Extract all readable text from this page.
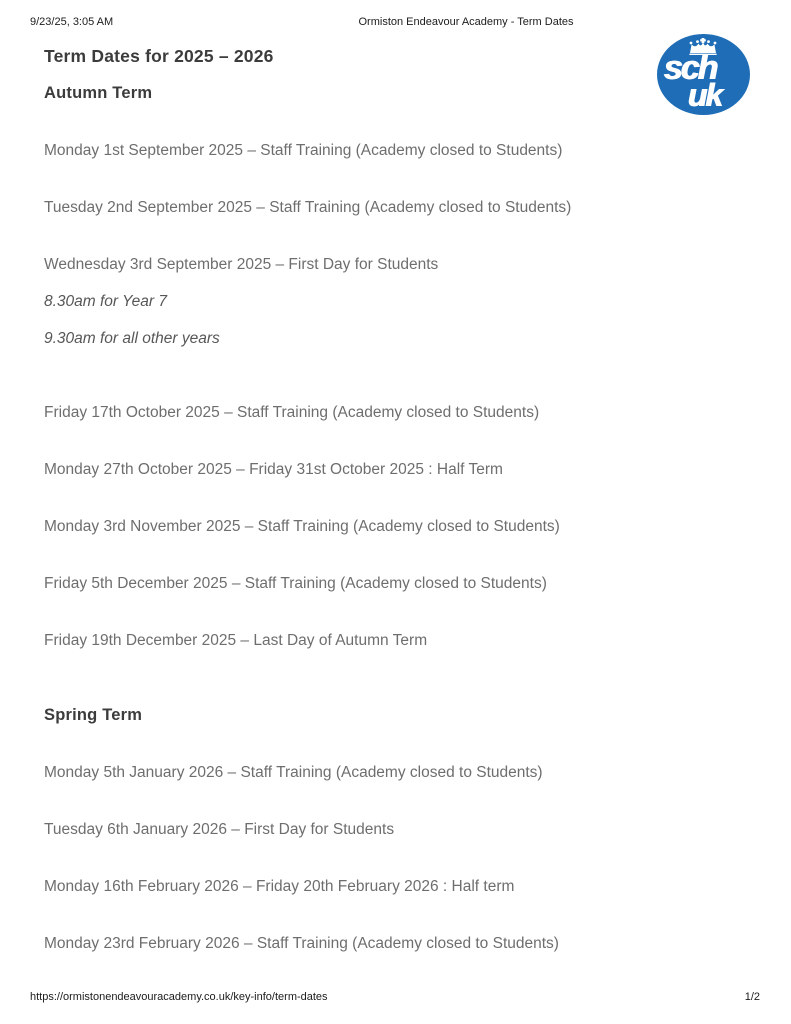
9/23/25, 3:05 AM	Ormiston Endeavour Academy - Term Dates
sch
uk
Term Dates for 2025 – 2026
Autumn Term

Monday 1st September 2025 – Staff Training (Academy closed to Students)

Tuesday 2nd September 2025 – Staff Training (Academy closed to Students)

Wednesday 3rd September 2025 – First Day for Students

8.30am for Year 7

9.30am for all other years

Friday 17th October 2025 – Staff Training (Academy closed to Students)

Monday 27th October 2025 – Friday 31st October 2025 : Half Term

Monday 3rd November 2025 – Staff Training (Academy closed to Students)

Friday 5th December 2025 – Staff Training (Academy closed to Students)

Friday 19th December 2025 – Last Day of Autumn Term

Spring Term

Monday 5th January 2026 – Staff Training (Academy closed to Students)

Tuesday 6th January 2026 – First Day for Students

Monday 16th February 2026 – Friday 20th February 2026 : Half term

Monday 23rd February 2026 – Staff Training (Academy closed to Students)

https://ormistonendeavouracademy.co.uk/key-info/term-dates	1/2
